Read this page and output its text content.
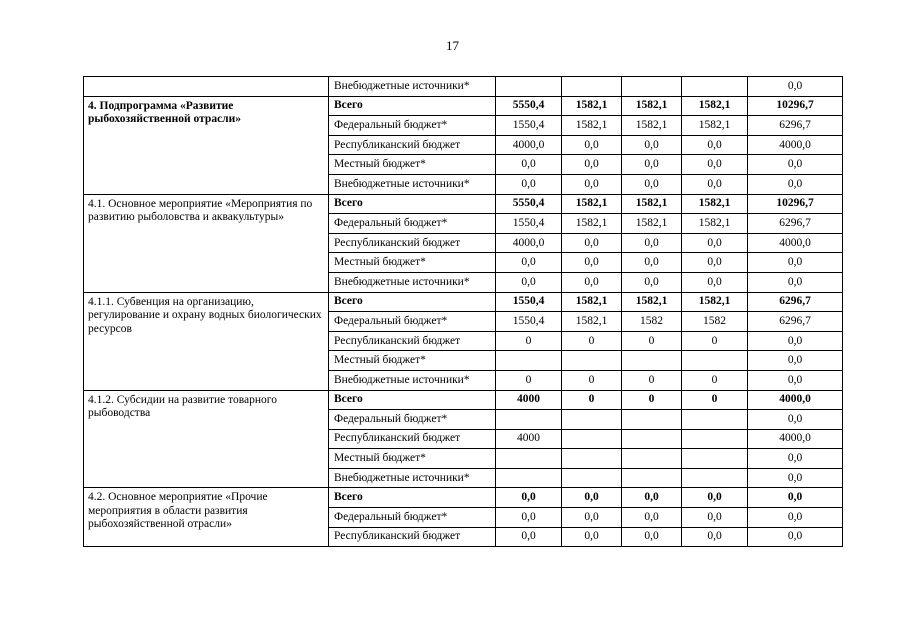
17
	Внебюджетные источники*					0,0
4. Подпрограмма «Развитие рыбохозяйственной отрасли»	Всего	5550,4	1582,1	1582,1	1582,1	10296,7
	Федеральный бюджет*	1550,4	1582,1	1582,1	1582,1	6296,7
	Республиканский бюджет	4000,0	0,0	0,0	0,0	4000,0
	Местный бюджет*	0,0	0,0	0,0	0,0	0,0
	Внебюджетные источники*	0,0	0,0	0,0	0,0	0,0
4.1. Основное мероприятие «Мероприятия по развитию рыболовства и аквакультуры»	Всего	5550,4	1582,1	1582,1	1582,1	10296,7
	Федеральный бюджет*	1550,4	1582,1	1582,1	1582,1	6296,7
	Республиканский бюджет	4000,0	0,0	0,0	0,0	4000,0
	Местный бюджет*	0,0	0,0	0,0	0,0	0,0
	Внебюджетные источники*	0,0	0,0	0,0	0,0	0,0
4.1.1. Субвенция на организацию, регулирование и охрану водных биологических ресурсов	Всего	1550,4	1582,1	1582,1	1582,1	6296,7
	Федеральный бюджет*	1550,4	1582,1	1582	1582	6296,7
	Республиканский бюджет	0	0	0	0	0,0
	Местный бюджет*					0,0
	Внебюджетные источники*	0	0	0	0	0,0
4.1.2. Субсидии на развитие товарного рыбоводства	Всего	4000	0	0	0	4000,0
	Федеральный бюджет*					0,0
	Республиканский бюджет	4000				4000,0
	Местный бюджет*					0,0
	Внебюджетные источники*					0,0
4.2. Основное мероприятие «Прочие мероприятия в области развития рыбохозяйственной отрасли»	Всего	0,0	0,0	0,0	0,0	0,0
	Федеральный бюджет*	0,0	0,0	0,0	0,0	0,0
	Республиканский бюджет	0,0	0,0	0,0	0,0	0,0
